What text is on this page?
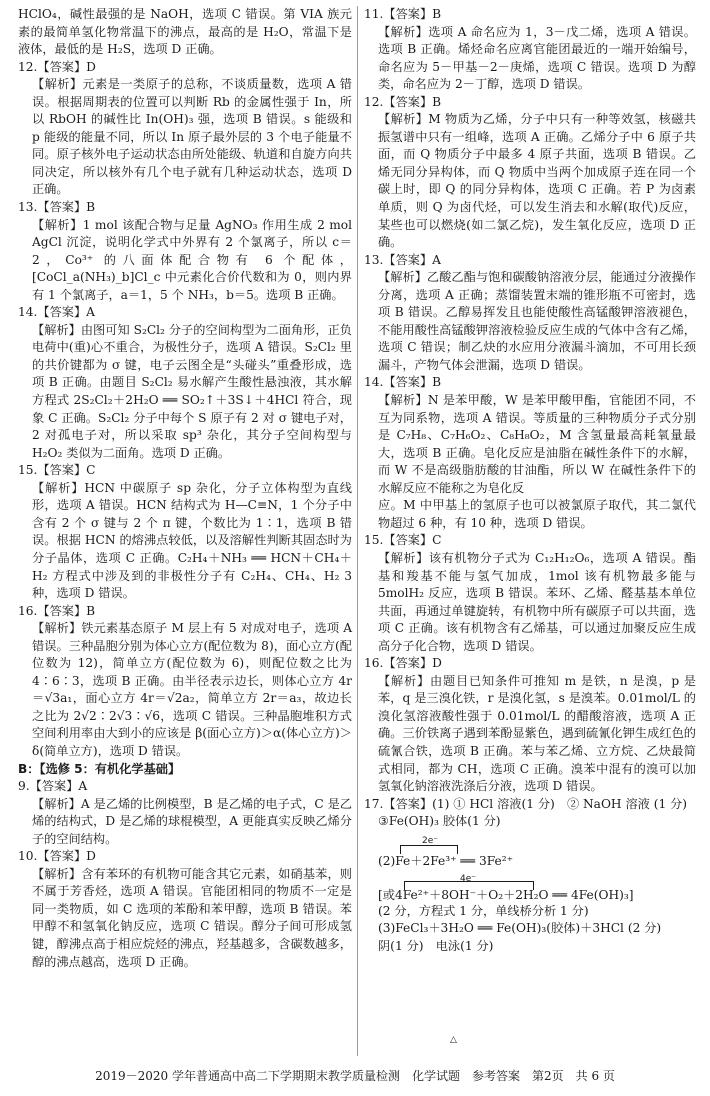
HClO₄，碱性最强的是 NaOH，选项 C 错误。第 VIA 族元素的最简单氢化物常温下的沸点，最高的是 H₂O，常温下是液体，最低的是 H₂S，选项 D 正确。

12.【答案】D

【解析】元素是一类原子的总称，不谈质量数，选项 A 错误。根据周期表的位置可以判断 Rb 的金属性强于 In，所以 RbOH 的碱性比 In(OH)₃ 强，选项 B 错误。s 能级和 p 能级的能量不同，所以 In 原子最外层的 3 个电子能量不同。原子核外电子运动状态由所处能级、轨道和自旋方向共同决定，所以核外有几个电子就有几种运动状态，选项 D 正确。

13.【答案】B

【解析】1 mol 该配合物与足量 AgNO₃ 作用生成 2 mol AgCl 沉淀，说明化学式中外界有 2 个氯离子，所以 c＝2，Co³⁺ 的八面体配合物有 6 个配体，[CoCl_a(NH₃)_b]Cl_c 中元素化合价代数和为 0，则内界有 1 个氯离子，a＝1，5 个 NH₃，b＝5。选项 B 正确。

14.【答案】A

【解析】由图可知 S₂Cl₂ 分子的空间构型为二面角形，正负电荷中(重)心不重合，为极性分子，选项 A 错误。S₂Cl₂ 里的共价键都为 σ 键，电子云图全是“头碰头”重叠形成，选项 B 正确。由题目 S₂Cl₂ 易水解产生酸性悬浊液，其水解方程式 2S₂Cl₂＋2H₂O ══ SO₂↑＋3S↓＋4HCl 符合，现象 C 正确。S₂Cl₂ 分子中每个 S 原子有 2 对 σ 键电子对，2 对孤电子对，所以采取 sp³ 杂化，其分子空间构型与 H₂O₂ 类似为二面角。选项 D 正确。

15.【答案】C

【解析】HCN 中碳原子 sp 杂化，分子立体构型为直线形，选项 A 错误。HCN 结构式为 H—C≡N，1 个分子中含有 2 个 σ 键与 2 个 π 键，个数比为 1∶1，选项 B 错误。根据 HCN 的熔沸点较低，以及溶解性判断其固态时为分子晶体，选项 C 正确。C₂H₄＋NH₃ ══ HCN＋CH₄＋H₂ 方程式中涉及到的非极性分子有 C₂H₄、CH₄、H₂ 3 种，选项 D 错误。

16.【答案】B

【解析】铁元素基态原子 M 层上有 5 对成对电子，选项 A 错误。三种晶胞分别为体心立方(配位数为 8)，面心立方(配位数为 12)，简单立方(配位数为 6)，则配位数之比为 4∶6∶3，选项 B 正确。由半径表示边长，则体心立方 4r＝√3a₁，面心立方 4r＝√2a₂，简单立方 2r＝a₃，故边长之比为 2√2∶2√3∶√6，选项 C 错误。三种晶胞堆积方式空间利用率由大到小的应该是 β(面心立方)＞α(体心立方)＞δ(简单立方)，选项 D 错误。

B：【选修 5：有机化学基础】

9.【答案】A

【解析】A 是乙烯的比例模型，B 是乙烯的电子式，C 是乙烯的结构式，D 是乙烯的球棍模型，A 更能真实反映乙烯分子的空间结构。

10.【答案】D

【解析】含有苯环的有机物可能含其它元素，如硝基苯，则不属于芳香烃，选项 A 错误。官能团相同的物质不一定是同一类物质，如 C 选项的苯酚和苯甲醇，选项 B 错误。苯甲醇不和氢氧化钠反应，选项 C 错误。醇分子间可形成氢键，醇沸点高于相应烷烃的沸点，羟基越多，含碳数越多，醇的沸点越高，选项 D 正确。

11.【答案】B

【解析】选项 A 命名应为 1，3－戊二烯，选项 A 错误。选项 B 正确。烯烃命名应离官能团最近的一端开始编号，命名应为 5－甲基－2－庚烯，选项 C 错误。选项 D 为醇类，命名应为 2－丁醇，选项 D 错误。

12.【答案】B

【解析】M 物质为乙烯，分子中只有一种等效氢，核磁共振氢谱中只有一组峰，选项 A 正确。乙烯分子中 6 原子共面，而 Q 物质分子中最多 4 原子共面，选项 B 错误。乙烯无同分异构体，而 Q 物质中当两个加成原子连在同一个碳上时，即 Q 的同分异构体，选项 C 正确。若 P 为卤素单质，则 Q 为卤代烃，可以发生消去和水解(取代)反应，某些也可以燃烧(如二氯乙烷)，发生氧化反应，选项 D 正确。

13.【答案】A

【解析】乙酸乙酯与饱和碳酸钠溶液分层，能通过分液操作分离，选项 A 正确；蒸馏装置末端的锥形瓶不可密封，选项 B 错误。乙醇易挥发且也能使酸性高锰酸钾溶液褪色，不能用酸性高锰酸钾溶液检验反应生成的气体中含有乙烯，选项 C 错误；制乙炔的水应用分液漏斗滴加，不可用长颈漏斗，产物气体会泄漏，选项 D 错误。

14.【答案】B

【解析】N 是苯甲酸，W 是苯甲酸甲酯，官能团不同，不互为同系物，选项 A 错误。等质量的三种物质分子式分别是 C₇H₈、C₇H₆O₂、C₈H₈O₂，M 含氢量最高耗氧量最大，选项 B 正确。皂化反应是油脂在碱性条件下的水解，而 W 不是高级脂肪酸的甘油酯，所以 W 在碱性条件下的水解反应不能称之为皂化反

应。M 中甲基上的氢原子也可以被氯原子取代，其二氯代物超过 6 种，有 10 种，选项 D 错误。

15.【答案】C

【解析】该有机物分子式为 C₁₂H₁₂O₆，选项 A 错误。酯基和羧基不能与氢气加成，1mol 该有机物最多能与 5molH₂ 反应，选项 B 错误。苯环、乙烯、醛基基本单位共面，再通过单键旋转，有机物中所有碳原子可以共面，选项 C 正确。该有机物含有乙烯基，可以通过加聚反应生成高分子化合物，选项 D 错误。

16.【答案】D

【解析】由题目已知条件可推知 m 是铁，n 是溴，p 是苯，q 是三溴化铁，r 是溴化氢，s 是溴苯。0.01mol/L 的溴化氢溶液酸性强于 0.01mol/L 的醋酸溶液，选项 A 正确。三价铁离子遇到苯酚显紫色，遇到硫氰化钾生成红色的硫氰合铁，选项 B 正确。苯与苯乙烯、立方烷、乙炔最简式相同，都为 CH，选项 C 正确。溴苯中混有的溴可以加氢氧化钠溶液洗涤后分液，选项 D 错误。

17.【答案】(1) ① HCl 溶液(1 分)　② NaOH 溶液 (1 分)

③Fe(OH)₃ 胶体(1 分)

2e⁻
(2)Fe＋2Fe³⁺ ══ 3Fe²⁺
4e⁻
[或4Fe²⁺＋8OH⁻＋O₂＋2H₂O ══ 4Fe(OH)₃]

(2 分，方程式 1 分，单线桥分析 1 分)

(3)FeCl₃＋3H₂O ══ Fe(OH)₃(胶体)＋3HCl (2 分)

阴(1 分)　电泳(1 分)

△
2019－2020 学年普通高中高二下学期期末教学质量检测　化学试题　参考答案　第2页　共 6 页
